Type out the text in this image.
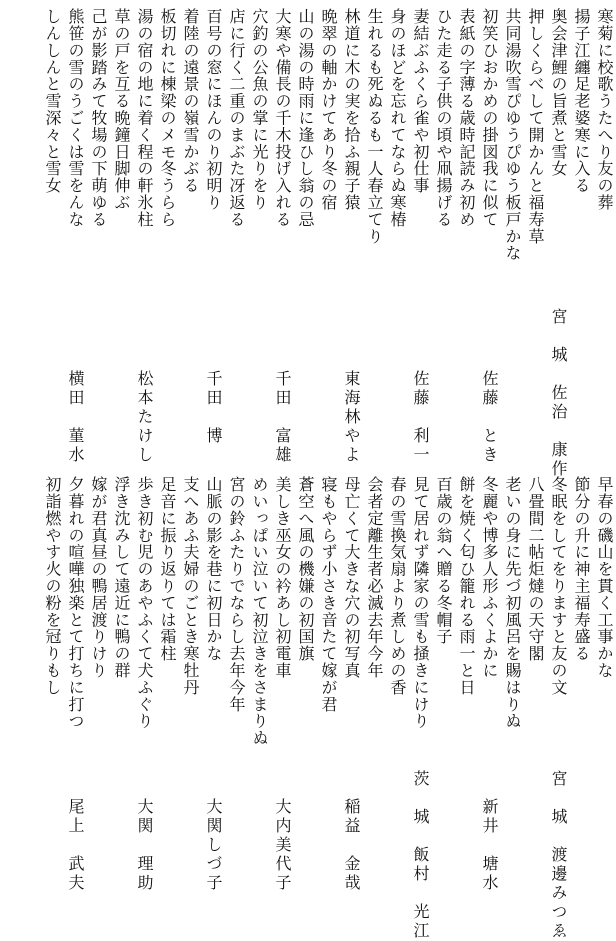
寒菊に校歌うたへり友の葬
揚子江纏足老婆寒に入る
奥会津鯉の旨煮と雪女
押しくらべして開かんと福寿草
共同湯吹雪ぴゆうぴゆう板戸かな
初笑ひおかめの掛図我に似て
表紙の字薄る歳時記読み初め
ひた走る子供の頃や凧揚げる
妻結ぶふくら雀や初仕事
身のほどを忘れてならぬ寒椿
生れるも死ぬるも一人春立てり
林道に木の実を拾ふ親子猿
晩翠の軸かけてあり冬の宿
山の湯の時雨に逢ひし翁の忌
大寒や備長の千木投げ入れる
穴釣の公魚の掌に光りをり
店に行く二重のまぶた冴返る
百号の窓にほんのり初明り
着陸の遠景の嶺雪かぶる
板切れに棟梁のメモ冬うらら
湯の宿の地に着く程の軒氷柱
草の戸を互る晩鐘日脚伸ぶ
己が影踏みて牧場の下萌ゆる
熊笹の雪のうごくは雪をんな
しんしんと雪深々と雪女
宮　城　佐治　康作
佐藤　とき
佐藤　利一
東海林やよ
千田　富雄
千田　博
松本たけし
横田　菫水
早春の磯山を貫く工事かな
節分の升に神主福寿盛る
冬眠をしてをりますと友の文
八畳間二帖炬燵の天守閣
老いの身に先づ初風呂を賜はりぬ
冬麗や博多人形ふくよかに
餅を焼く匂ひ籠れる雨一と日
百歳の翁へ贈る冬帽子
見て居れず隣家の雪も掻きにけり
春の雪換気扇より煮しめの香
会者定離生者必滅去年今年
母亡くて大きな穴の初写真
寝もやらず小さき音たて嫁が君
蒼空へ風の機嫌の初国旗
美しき巫女の衿あし初電車
めいっぱい泣いて初泣きをさまりぬ
宮の鈴ふたりでならし去年今年
山脈の影を巷に初日かな
支へあふ夫婦のごとき寒牡丹
足音に振り返りては霜柱
歩き初む児のあやふくて犬ふぐり
浮き沈みして遠近に鴨の群
嫁が君真昼の鴨居渡りけり
夕暮れの喧嘩独楽とて打ちに打つ
初詣燃やす火の粉を冠りもし
宮　城　渡邊みつゑ
新井　塘水
茨　城　飯村　光江
稲益　金哉
大内美代子
大関しづ子
大関　理助
尾上　武夫
